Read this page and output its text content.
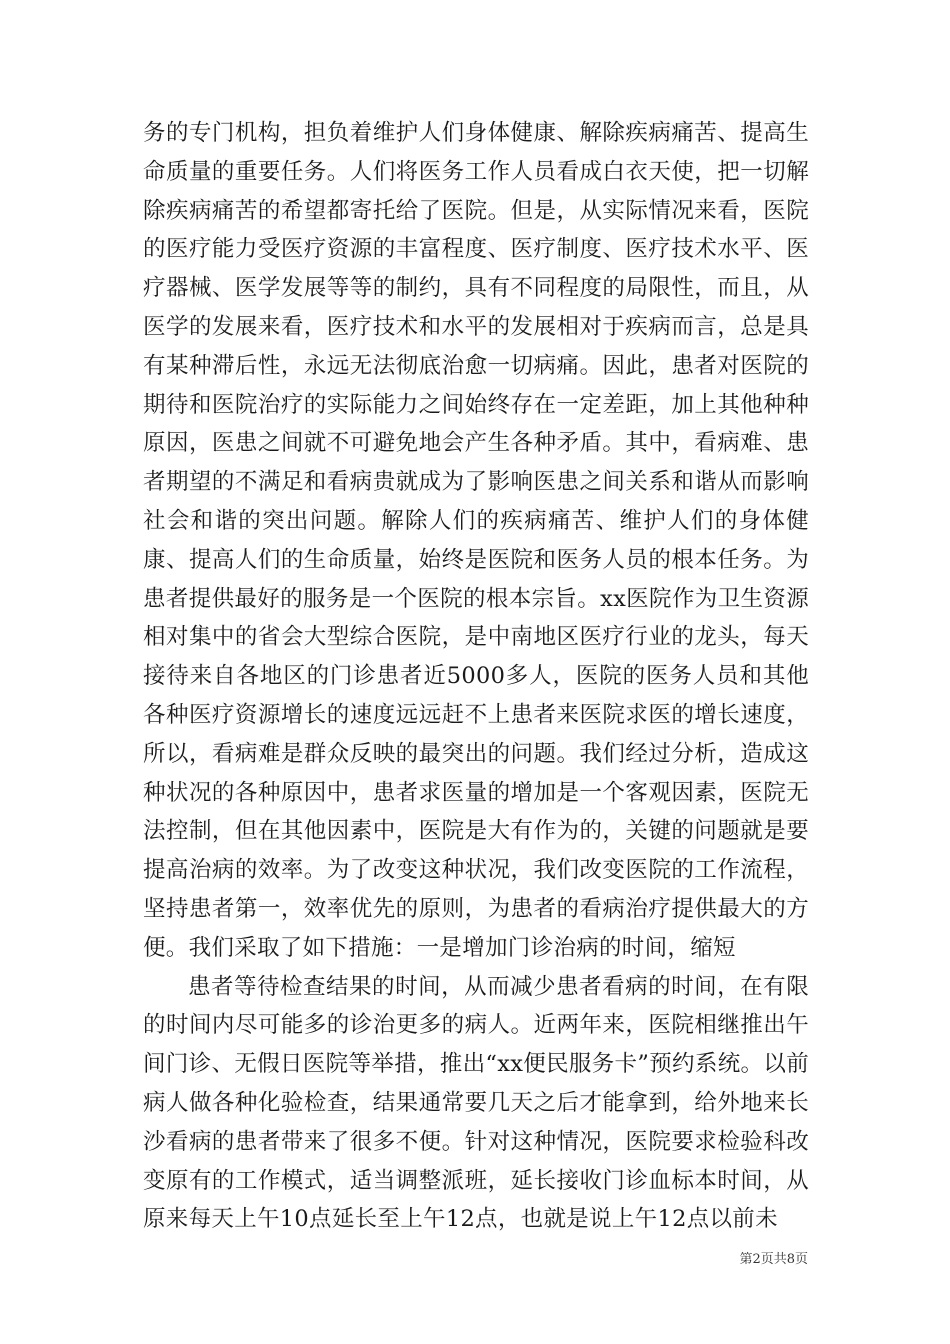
务的专门机构，担负着维护人们身体健康、解除疾病痛苦、提高生命质量的重要任务。人们将医务工作人员看成白衣天使，把一切解除疾病痛苦的希望都寄托给了医院。但是，从实际情况来看，医院的医疗能力受医疗资源的丰富程度、医疗制度、医疗技术水平、医疗器械、医学发展等等的制约，具有不同程度的局限性，而且，从医学的发展来看，医疗技术和水平的发展相对于疾病而言，总是具有某种滞后性，永远无法彻底治愈一切病痛。因此，患者对医院的期待和医院治疗的实际能力之间始终存在一定差距，加上其他种种原因，医患之间就不可避免地会产生各种矛盾。其中，看病难、患者期望的不满足和看病贵就成为了影响医患之间关系和谐从而影响社会和谐的突出问题。解除人们的疾病痛苦、维护人们的身体健康、提高人们的生命质量，始终是医院和医务人员的根本任务。为患者提供最好的服务是一个医院的根本宗旨。xx医院作为卫生资源相对集中的省会大型综合医院，是中南地区医疗行业的龙头，每天接待来自各地区的门诊患者近5000多人，医院的医务人员和其他各种医疗资源增长的速度远远赶不上患者来医院求医的增长速度，所以，看病难是群众反映的最突出的问题。我们经过分析，造成这种状况的各种原因中，患者求医量的增加是一个客观因素，医院无法控制，但在其他因素中，医院是大有作为的，关键的问题就是要提高治病的效率。为了改变这种状况，我们改变医院的工作流程，坚持患者第一，效率优先的原则，为患者的看病治疗提供最大的方便。我们采取了如下措施：一是增加门诊治病的时间，缩短

患者等待检查结果的时间，从而减少患者看病的时间，在有限的时间内尽可能多的诊治更多的病人。近两年来，医院相继推出午间门诊、无假日医院等举措，推出“xx便民服务卡”预约系统。以前病人做各种化验检查，结果通常要几天之后才能拿到，给外地来长沙看病的患者带来了很多不便。针对这种情况，医院要求检验科改变原有的工作模式，适当调整派班，延长接收门诊血标本时间，从原来每天上午10点延长至上午12点，也就是说上午12点以前未

第2页共8页
